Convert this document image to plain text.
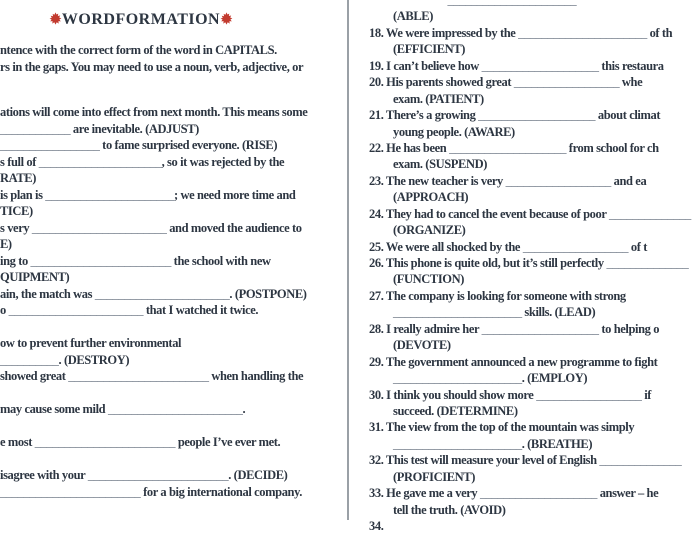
WORDFORMATION
ntence with the correct form of the word in CAPITALS.
rs in the gaps. You may need to use a noun, verb, adjective, or
ations will come into effect from next month. This means some
____________ are inevitable. (ADJUST)
_________________ to fame surprised everyone. (RISE)
s full of _____________________, so it was rejected by the
RATE)
is plan is ______________________; we need more time and
TICE)
s very _______________________ and moved the audience to
E)
ing to ________________________ the school with new
QUIPMENT)
ain, the match was _______________________. (POSTPONE)
o _______________________ that I watched it twice.

ow to prevent further environmental
__________. (DESTROY)
showed great ________________________ when handling the

may cause some mild _______________________.

e most ________________________ people I’ve ever met.

isagree with your ________________________. (DECIDE)
________________________ for a big international company.
______________________
(ABLE)
18. We were impressed by the ______________________ of th
(EFFICIENT)
19. I can’t believe how ____________________ this restaura
20. His parents showed great __________________ whe
exam. (PATIENT)
21. There’s a growing ____________________ about climat
young people. (AWARE)
22. He has been ____________________ from school for ch
exam. (SUSPEND)
23. The new teacher is very __________________ and ea
(APPROACH)
24. They had to cancel the event because of poor ______________
(ORGANIZE)
25. We were all shocked by the __________________ of t
26. This phone is quite old, but it’s still perfectly ______________
(FUNCTION)
27. The company is looking for someone with strong
______________________ skills. (LEAD)
28. I really admire her ____________________ to helping o
(DEVOTE)
29. The government announced a new programme to fight
______________________. (EMPLOY)
30. I think you should show more __________________ if
succeed. (DETERMINE)
31. The view from the top of the mountain was simply
______________________. (BREATHE)
32. This test will measure your level of English ______________
(PROFICIENT)
33. He gave me a very ____________________ answer – he
tell the truth. (AVOID)
34.
